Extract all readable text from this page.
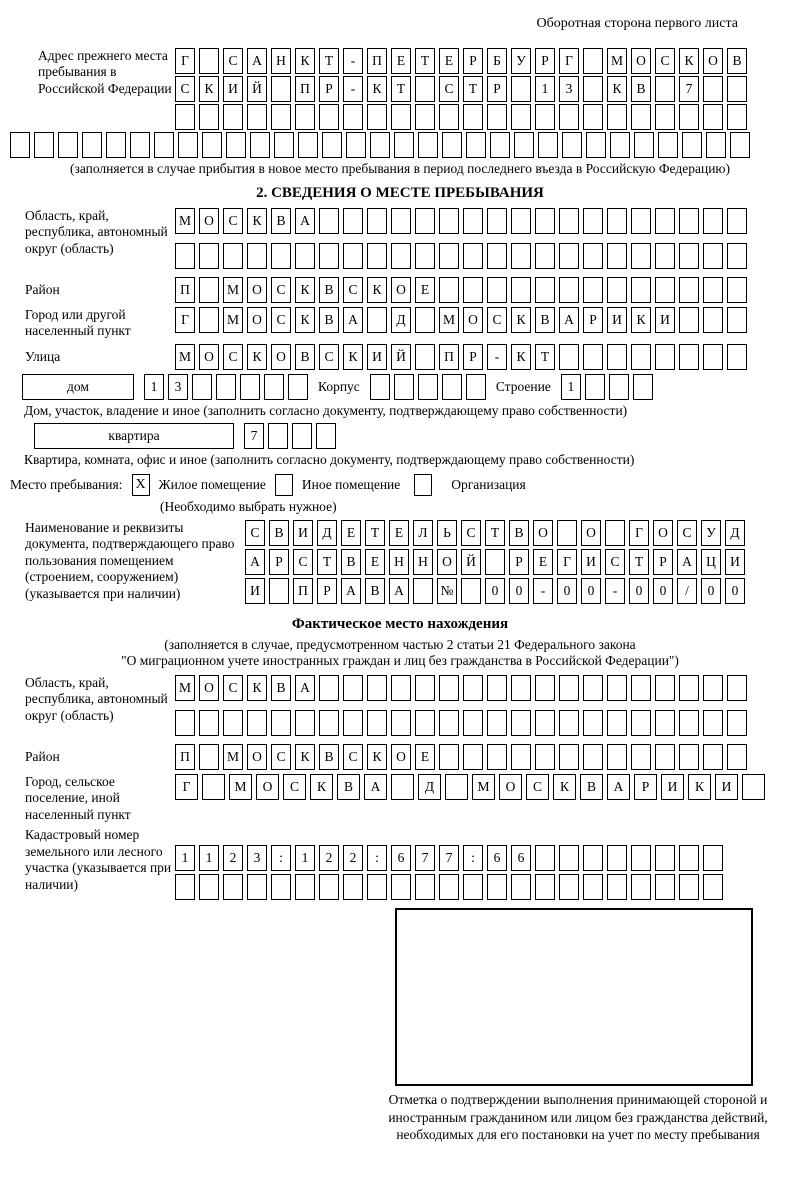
Оборотная сторона первого листа
Адрес прежнего места пребывания в Российской Федерации
Г	С	А	Н	К	Т	-	П	Е	Т	Е	Р	Б	У	Р	Г	М О	С	К	О	В
С	К	И	Й	П	Р	-	К	Т	С	Т	Р	1	3	К	В	7
(заполняется в случае прибытия в новое место пребывания в период последнего въезда в Российскую Федерацию)
2. СВЕДЕНИЯ О МЕСТЕ ПРЕБЫВАНИЯ
Область, край, республика, автономный округ (область)
М О	С	К	В	А
Район	П	М О	С	К	В	С	К	О	Е
Город или другой населенный пункт
Г	М О	С	К	В	А	Д	М О	С	К	В	А	Р	И	К	И
Улица	М О	С	К	О	В	С	К	И	Й	П	Р	-	К	Т
дом	1	3	Корпус	Строение	1
Дом, участок, владение и иное (заполнить согласно документу, подтверждающему право собственности)
квартира	7
Квартира, комната, офис и иное (заполнить согласно документу, подтверждающему право собственности)
Место пребывания: X Жилое помещение	Иное помещение	Организация
(Необходимо выбрать нужное)
Наименование и реквизиты документа, подтверждающего право пользования помещением (строением, сооружением) (указывается при наличии)
С	В	И	Д	Е	Т	Е	Л	Ь	С	Т	В	О	О	Г	О	С	У	Д
А	Р	С	Т	В	Е	Н	Н	О	Й	Р	Е	Г	И	С	Т	Р	А	Ц	И
И	П	Р	А	В	А	№	0	0	-	0	0	-	0	0	/	0	0
Фактическое место нахождения
(заполняется в случае, предусмотренном частью 2 статьи 21 Федерального закона
"О миграционном учете иностранных граждан и лиц без гражданства в Российской Федерации")
Область, край, республика, автономный округ (область)
М О	С	К	В	А
Район	П	М О	С	К	В	С	К	О	Е
Город, сельское поселение, иной населенный пункт
Г	М	О	С	К	В	А	Д	М	О	С	К	В	А	Р	И	К	И
Кадастровый номер земельного или лесного участка (указывается при наличии)
1	1	2	3	:	1	2	2	:	6	7	7	:	6	6
Отметка о подтверждении выполнения принимающей стороной и иностранным гражданином или лицом без гражданства действий, необходимых для его постановки на учет по месту пребывания
